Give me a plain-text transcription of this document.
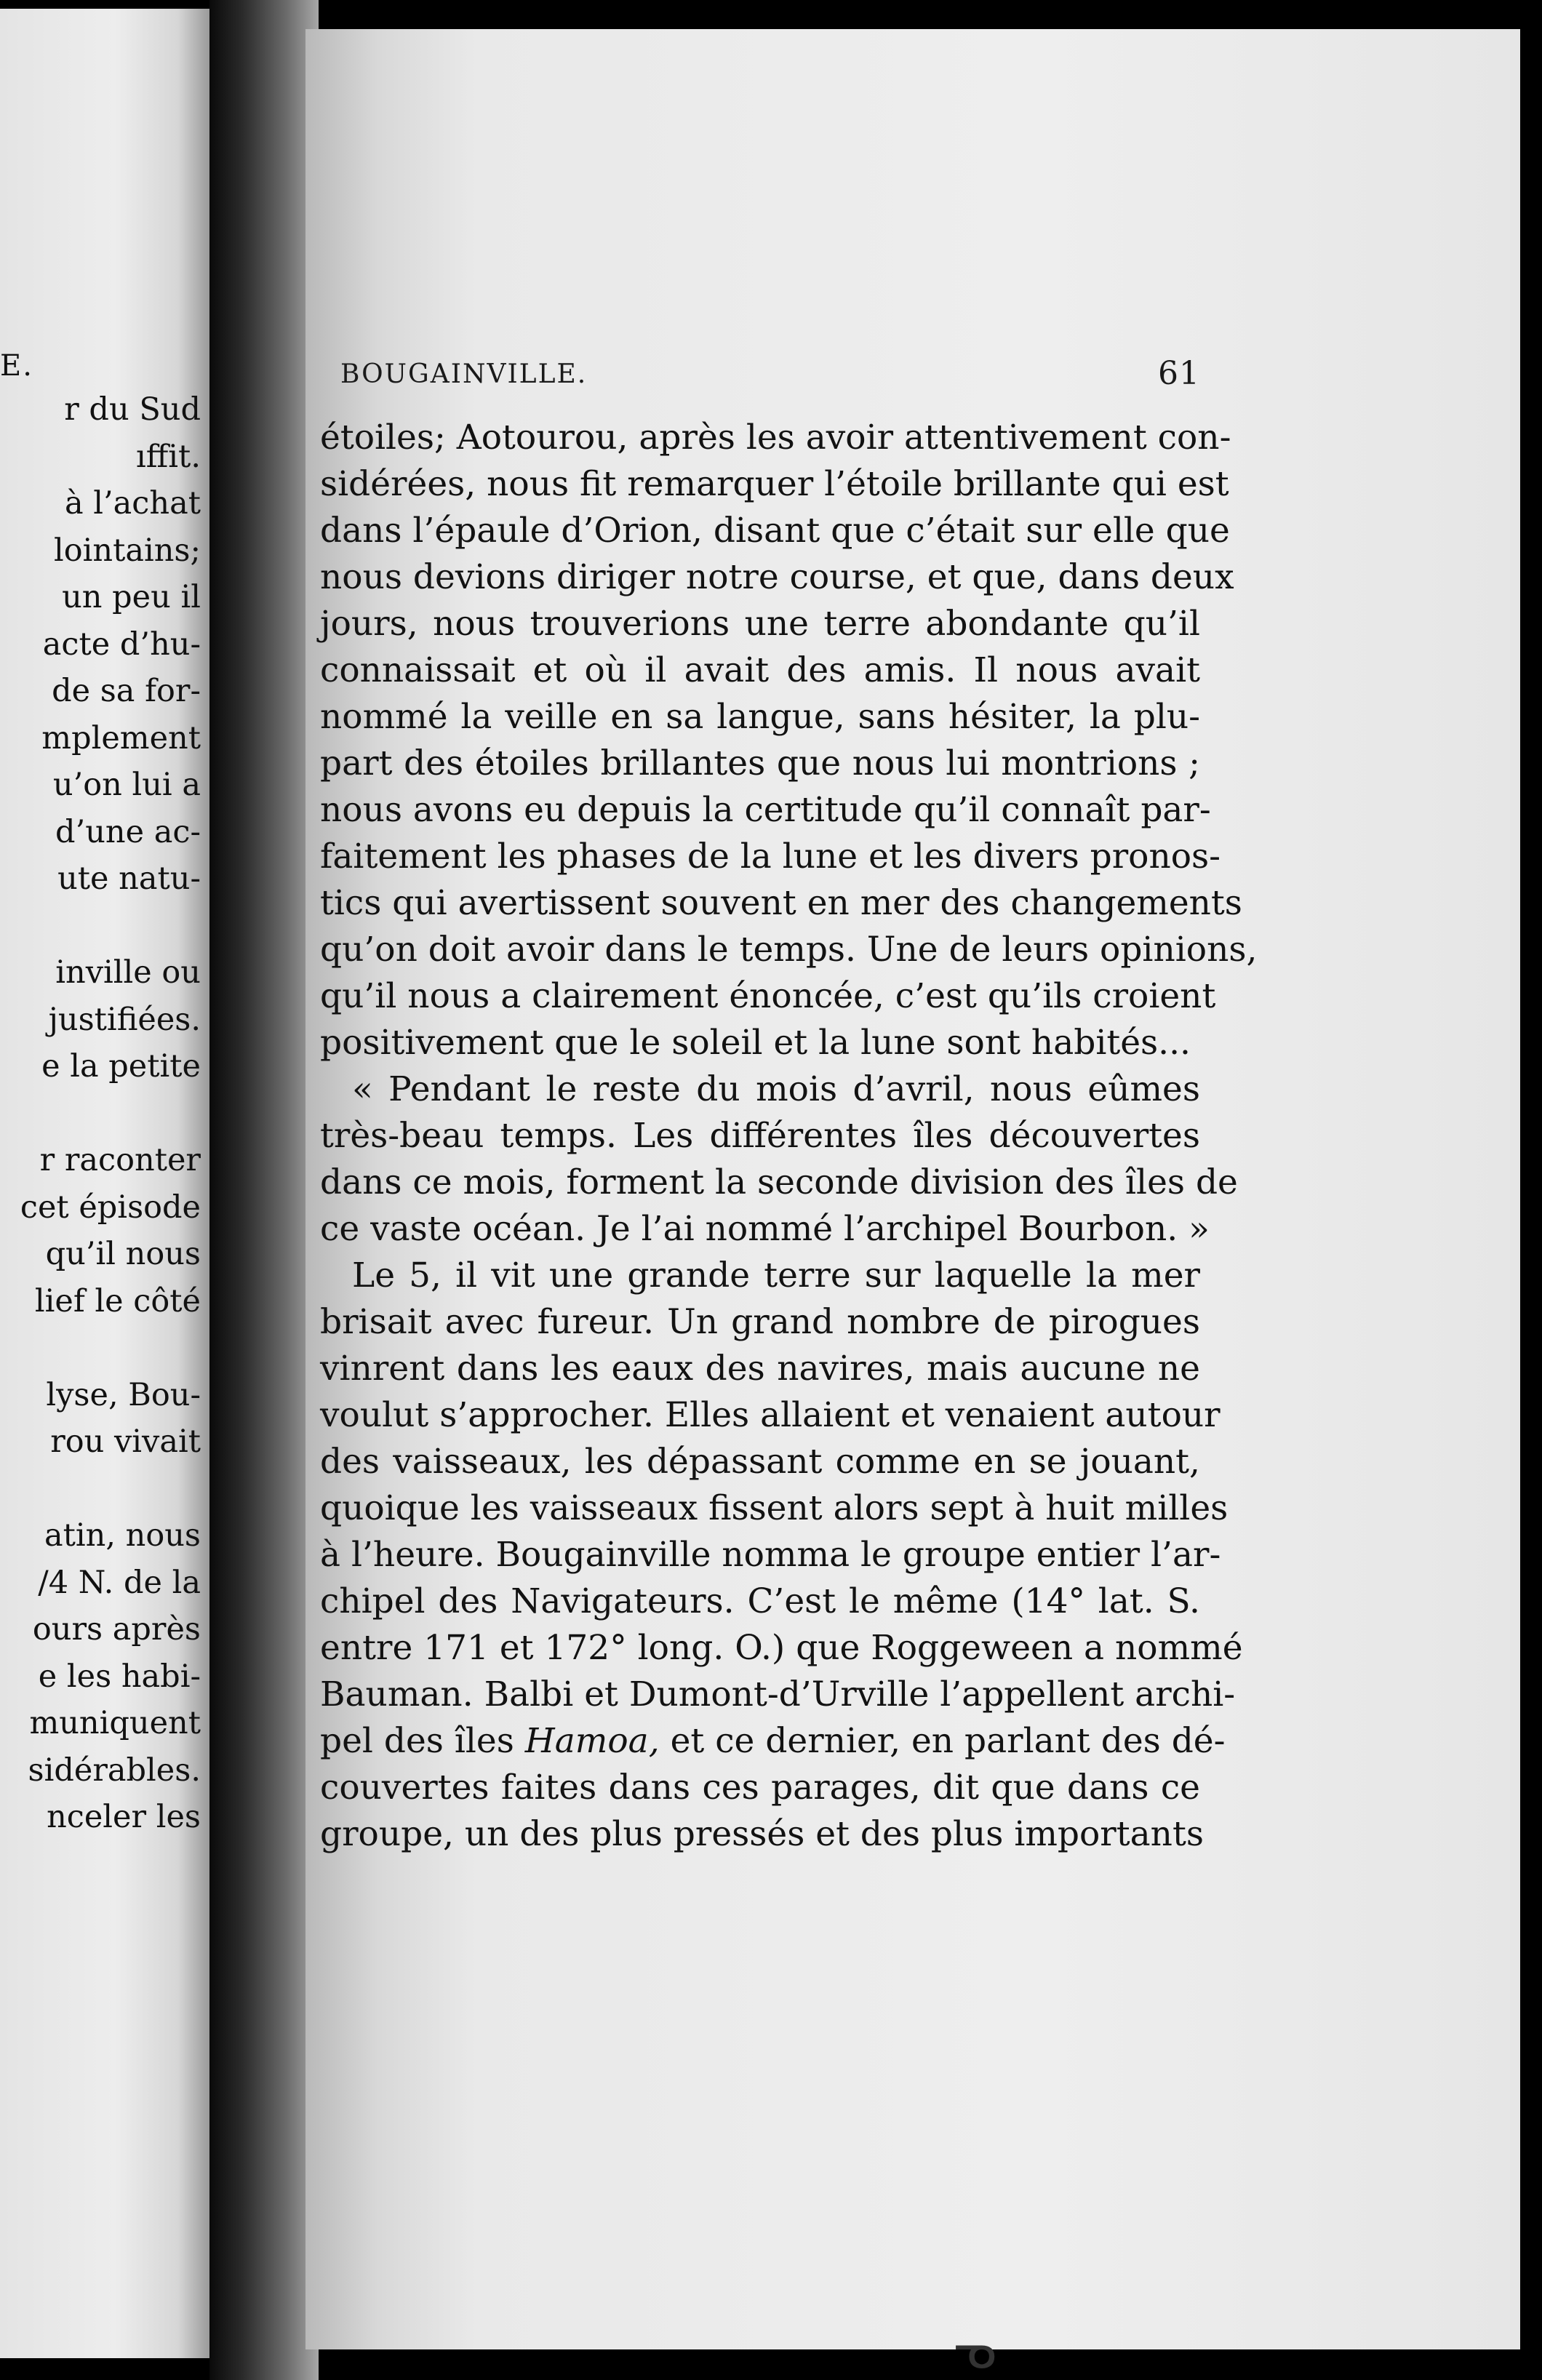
E.
r du Sud
ıffit.
à l’achat
lointains;
un peu il
acte d’hu-
de sa for-
mplement
u’on lui a
d’une ac-
ute natu-
inville ou
justifiées.
e la petite
r raconter
cet épisode
qu’il nous
lief le côté
lyse, Bou-
rou vivait
atin, nous
/4 N. de la
ours après
e les habi-
muniquent
sidérables.
nceler les
BOUGAINVILLE.	61
étoiles; Aotourou, après les avoir attentivement con-
sidérées, nous fit remarquer l’étoile brillante qui est
dans l’épaule d’Orion, disant que c’était sur elle que
nous devions diriger notre course, et que, dans deux
jours, nous trouverions une terre abondante qu’il
connaissait et où il avait des amis. Il nous avait
nommé la veille en sa langue, sans hésiter, la plu-
part des étoiles brillantes que nous lui montrions ;
nous avons eu depuis la certitude qu’il connaît par-
faitement les phases de la lune et les divers pronos-
tics qui avertissent souvent en mer des changements
qu’on doit avoir dans le temps. Une de leurs opinions,
qu’il nous a clairement énoncée, c’est qu’ils croient
positivement que le soleil et la lune sont habités...
« Pendant le reste du mois d’avril, nous eûmes
très-beau temps. Les différentes îles découvertes
dans ce mois, forment la seconde division des îles de
ce vaste océan. Je l’ai nommé l’archipel Bourbon. »
Le 5, il vit une grande terre sur laquelle la mer
brisait avec fureur. Un grand nombre de pirogues
vinrent dans les eaux des navires, mais aucune ne
voulut s’approcher. Elles allaient et venaient autour
des vaisseaux, les dépassant comme en se jouant,
quoique les vaisseaux fissent alors sept à huit milles
à l’heure. Bougainville nomma le groupe entier l’ar-
chipel des Navigateurs. C’est le même (14° lat. S.
entre 171 et 172° long. O.) que Roggeween a nommé
Bauman. Balbi et Dumont-d’Urville l’appellent archi-
pel des îles Hamoa, et ce dernier, en parlant des dé-
couvertes faites dans ces parages, dit que dans ce
groupe, un des plus pressés et des plus importants
ᓀ
